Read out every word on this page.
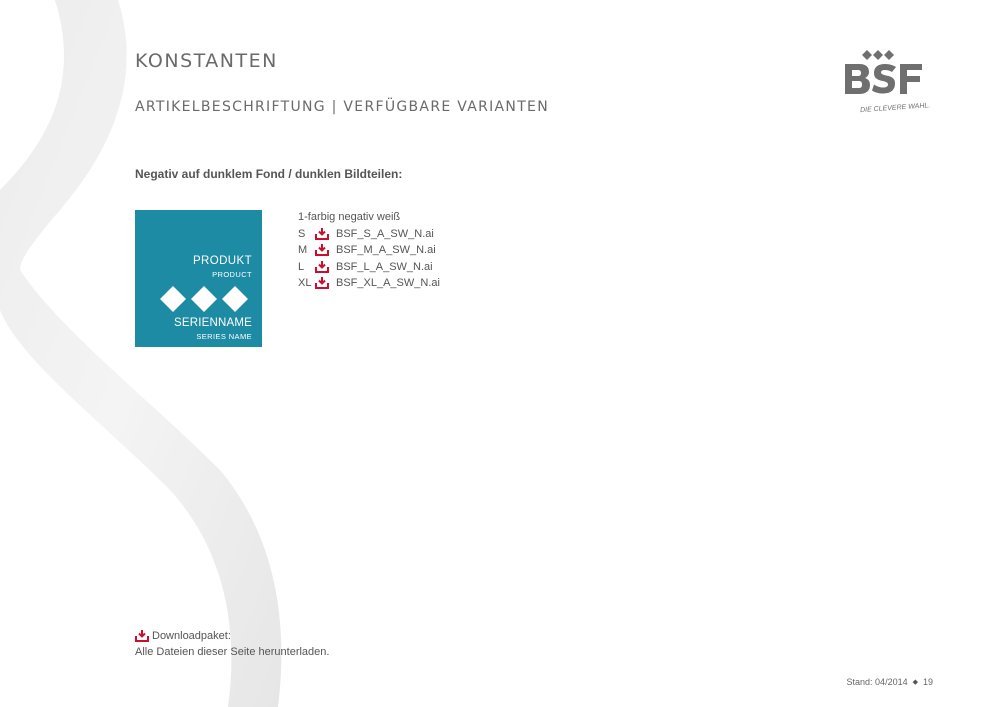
KONSTANTEN
ARTIKELBESCHRIFTUNG | VERFÜGBARE VARIANTEN	DIE CLEVERE WAHL.
Negativ auf dunklem Fond / dunklen Bildteilen:
PRODUKT
PRODUCT
SERIENNAME
SERIES NAME
1-farbig negativ weiß
S	BSF_S_A_SW_N.ai
M	BSF_M_A_SW_N.ai
L	BSF_L_A_SW_N.ai
XL	BSF_XL_A_SW_N.ai
Downloadpaket:
Alle Dateien dieser Seite herunterladen.
Stand: 04/2014 ◆ 19
